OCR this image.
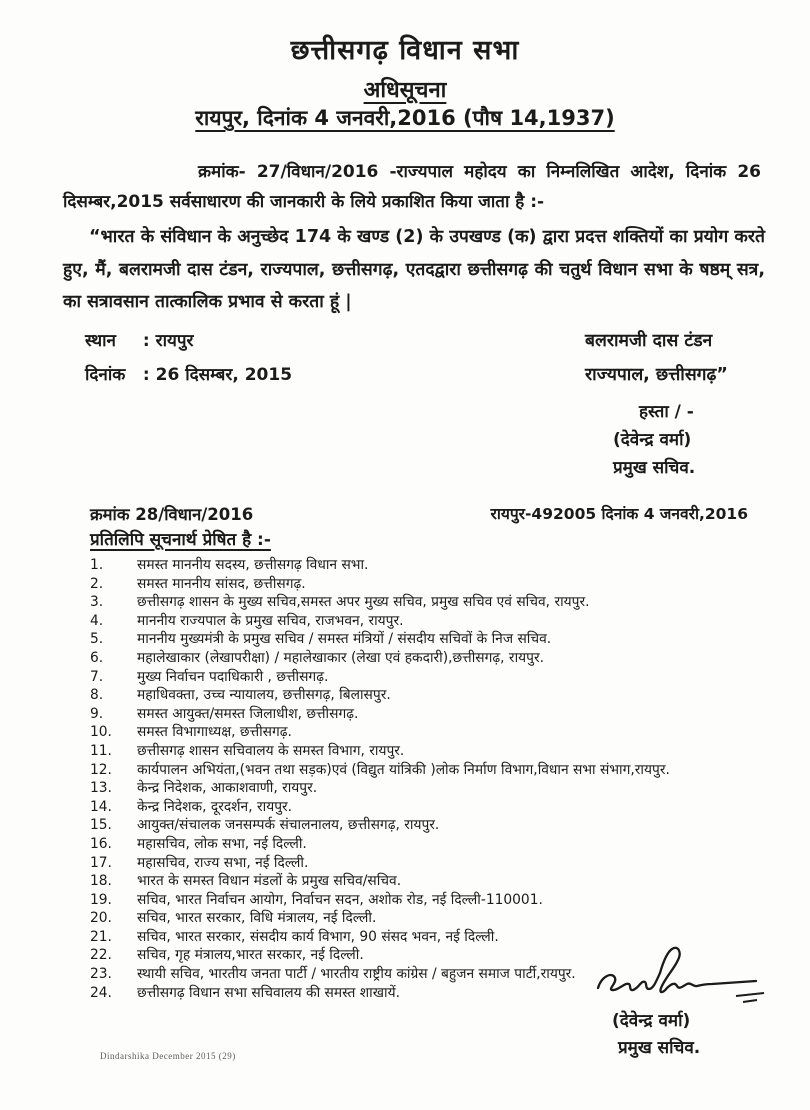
छत्तीसगढ़ विधान सभा
अधिसूचना
रायपुर, दिनांक 4 जनवरी,2016 (पौष 14,1937)

क्रमांक- 27/विधान/2016 -राज्यपाल महोदय का निम्नलिखित आदेश, दिनांक 26 दिसम्बर,2015 सर्वसाधारण की जानकारी के लिये प्रकाशित किया जाता है :-

“भारत के संविधान के अनुच्छेद 174 के खण्ड (2) के उपखण्ड (क) द्वारा प्रदत्त शक्तियों का प्रयोग करते हुए, मैं, बलरामजी दास टंडन, राज्यपाल, छत्तीसगढ़, एतदद्वारा छत्तीसगढ़ की चतुर्थ विधान सभा के षष्ठम् सत्र, का सत्रावसान तात्कालिक प्रभाव से करता हूं |

स्थान : रायपुर
दिनांक : 26 दिसम्बर, 2015
बलरामजी दास टंडन
राज्यपाल, छत्तीसगढ़”
हस्ता / -
(देवेन्द्र वर्मा)
प्रमुख सचिव.
क्रमांक 28/विधान/2016	रायपुर-492005 दिनांक 4 जनवरी,2016
प्रतिलिपि सूचनार्थ प्रेषित है :-
1.	समस्त माननीय सदस्य, छत्तीसगढ़ विधान सभा.
2.	समस्त माननीय सांसद, छत्तीसगढ़.
3.	छत्तीसगढ़ शासन के मुख्य सचिव,समस्त अपर मुख्य सचिव, प्रमुख सचिव एवं सचिव, रायपुर.
4.	माननीय राज्यपाल के प्रमुख सचिव, राजभवन, रायपुर.
5.	माननीय मुख्यमंत्री के प्रमुख सचिव / समस्त मंत्रियों / संसदीय सचिवों के निज सचिव.
6.	महालेखाकार (लेखापरीक्षा) / महालेखाकार (लेखा एवं हकदारी),छत्तीसगढ़, रायपुर.
7.	मुख्य निर्वाचन पदाधिकारी , छत्तीसगढ़.
8.	महाधिवक्ता, उच्च न्यायालय, छत्तीसगढ़, बिलासपुर.
9.	समस्त आयुक्त/समस्त जिलाधीश, छत्तीसगढ़.
10.	समस्त विभागाध्यक्ष, छत्तीसगढ़.
11.	छत्तीसगढ़ शासन सचिवालय के समस्त विभाग, रायपुर.
12.	कार्यपालन अभियंता,(भवन तथा सड़क)एवं (विद्युत यांत्रिकी )लोक निर्माण विभाग,विधान सभा संभाग,रायपुर.
13.	केन्द्र निदेशक, आकाशवाणी, रायपुर.
14.	केन्द्र निदेशक, दूरदर्शन, रायपुर.
15.	आयुक्त/संचालक जनसम्पर्क संचालनालय, छत्तीसगढ़, रायपुर.
16.	महासचिव, लोक सभा, नई दिल्ली.
17.	महासचिव, राज्य सभा, नई दिल्ली.
18.	भारत के समस्त विधान मंडलों के प्रमुख सचिव/सचिव.
19.	सचिव, भारत निर्वाचन आयोग, निर्वाचन सदन, अशोक रोड, नई दिल्ली-110001.
20.	सचिव, भारत सरकार, विधि मंत्रालय, नई दिल्ली.
21.	सचिव, भारत सरकार, संसदीय कार्य विभाग, 90 संसद भवन, नई दिल्ली.
22.	सचिव, गृह मंत्रालय,भारत सरकार, नई दिल्ली.
23.	स्थायी सचिव, भारतीय जनता पार्टी / भारतीय राष्ट्रीय कांग्रेस / बहुजन समाज पार्टी,रायपुर.
24.	छत्तीसगढ़ विधान सभा सचिवालय की समस्त शाखायें.
(देवेन्द्र वर्मा)
प्रमुख सचिव.
Dindarshika December 2015 (29)
